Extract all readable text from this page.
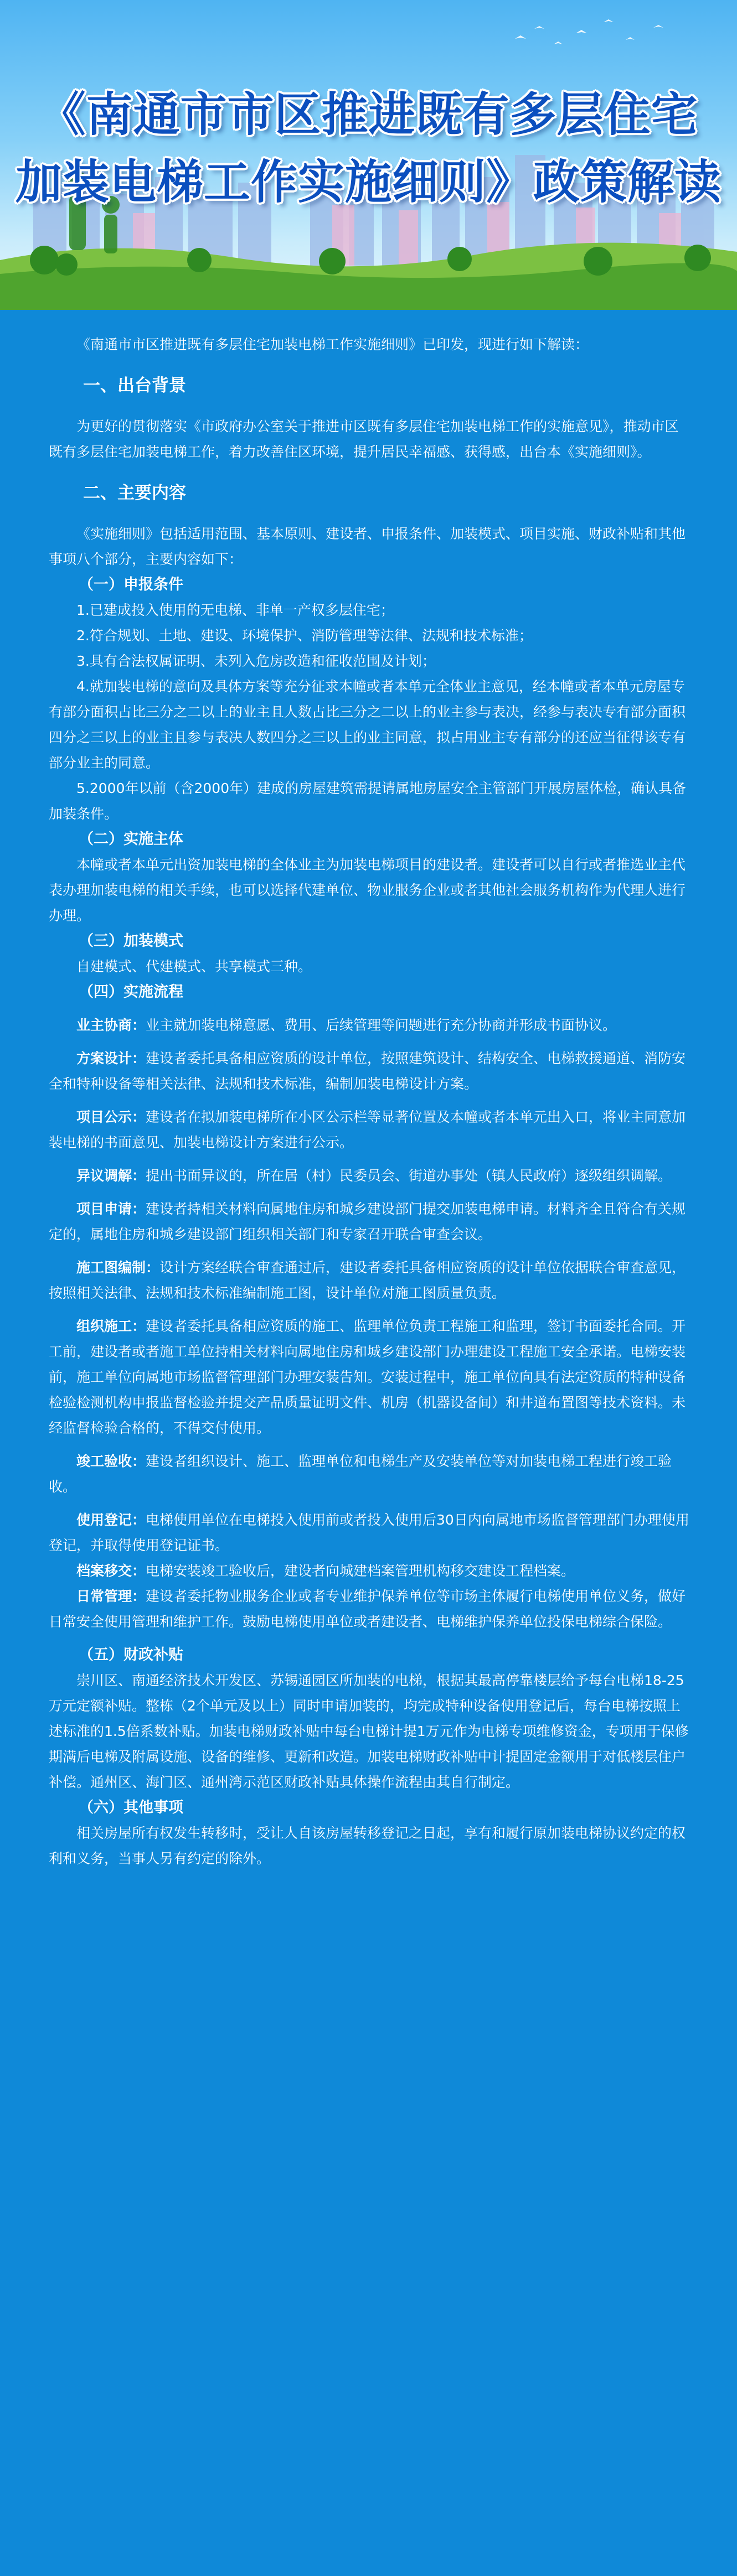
《南通市市区推进既有多层住宅
加装电梯工作实施细则》政策解读

《南通市市区推进既有多层住宅加装电梯工作实施细则》已印发，现进行如下解读：

一、出台背景

为更好的贯彻落实《市政府办公室关于推进市区既有多层住宅加装电梯工作的实施意见》，推动市区既有多层住宅加装电梯工作，着力改善住区环境，提升居民幸福感、获得感，出台本《实施细则》。

二、主要内容

《实施细则》包括适用范围、基本原则、建设者、申报条件、加装模式、项目实施、财政补贴和其他事项八个部分，主要内容如下：

（一）申报条件

1.已建成投入使用的无电梯、非单一产权多层住宅；

2.符合规划、土地、建设、环境保护、消防管理等法律、法规和技术标准；

3.具有合法权属证明、未列入危房改造和征收范围及计划；

4.就加装电梯的意向及具体方案等充分征求本幢或者本单元全体业主意见，经本幢或者本单元房屋专有部分面积占比三分之二以上的业主且人数占比三分之二以上的业主参与表决，经参与表决专有部分面积四分之三以上的业主且参与表决人数四分之三以上的业主同意，拟占用业主专有部分的还应当征得该专有部分业主的同意。

5.2000年以前（含2000年）建成的房屋建筑需提请属地房屋安全主管部门开展房屋体检，确认具备加装条件。

（二）实施主体

本幢或者本单元出资加装电梯的全体业主为加装电梯项目的建设者。建设者可以自行或者推选业主代表办理加装电梯的相关手续，也可以选择代建单位、物业服务企业或者其他社会服务机构作为代理人进行办理。

（三）加装模式

自建模式、代建模式、共享模式三种。

（四）实施流程

业主协商：业主就加装电梯意愿、费用、后续管理等问题进行充分协商并形成书面协议。

方案设计：建设者委托具备相应资质的设计单位，按照建筑设计、结构安全、电梯救援通道、消防安全和特种设备等相关法律、法规和技术标准，编制加装电梯设计方案。

项目公示：建设者在拟加装电梯所在小区公示栏等显著位置及本幢或者本单元出入口，将业主同意加装电梯的书面意见、加装电梯设计方案进行公示。

异议调解：提出书面异议的，所在居（村）民委员会、街道办事处（镇人民政府）逐级组织调解。

项目申请：建设者持相关材料向属地住房和城乡建设部门提交加装电梯申请。材料齐全且符合有关规定的，属地住房和城乡建设部门组织相关部门和专家召开联合审查会议。

施工图编制：设计方案经联合审查通过后，建设者委托具备相应资质的设计单位依据联合审查意见，按照相关法律、法规和技术标准编制施工图，设计单位对施工图质量负责。

组织施工：建设者委托具备相应资质的施工、监理单位负责工程施工和监理，签订书面委托合同。开工前，建设者或者施工单位持相关材料向属地住房和城乡建设部门办理建设工程施工安全承诺。电梯安装前，施工单位向属地市场监督管理部门办理安装告知。安装过程中，施工单位向具有法定资质的特种设备检验检测机构申报监督检验并提交产品质量证明文件、机房（机器设备间）和井道布置图等技术资料。未经监督检验合格的，不得交付使用。

竣工验收：建设者组织设计、施工、监理单位和电梯生产及安装单位等对加装电梯工程进行竣工验收。

使用登记：电梯使用单位在电梯投入使用前或者投入使用后30日内向属地市场监督管理部门办理使用登记，并取得使用登记证书。

档案移交：电梯安装竣工验收后，建设者向城建档案管理机构移交建设工程档案。

日常管理：建设者委托物业服务企业或者专业维护保养单位等市场主体履行电梯使用单位义务，做好日常安全使用管理和维护工作。鼓励电梯使用单位或者建设者、电梯维护保养单位投保电梯综合保险。

（五）财政补贴

崇川区、南通经济技术开发区、苏锡通园区所加装的电梯，根据其最高停靠楼层给予每台电梯18-25万元定额补贴。整栋（2个单元及以上）同时申请加装的，均完成特种设备使用登记后，每台电梯按照上述标准的1.5倍系数补贴。加装电梯财政补贴中每台电梯计提1万元作为电梯专项维修资金，专项用于保修期满后电梯及附属设施、设备的维修、更新和改造。加装电梯财政补贴中计提固定金额用于对低楼层住户补偿。通州区、海门区、通州湾示范区财政补贴具体操作流程由其自行制定。

（六）其他事项

相关房屋所有权发生转移时，受让人自该房屋转移登记之日起，享有和履行原加装电梯协议约定的权利和义务，当事人另有约定的除外。
